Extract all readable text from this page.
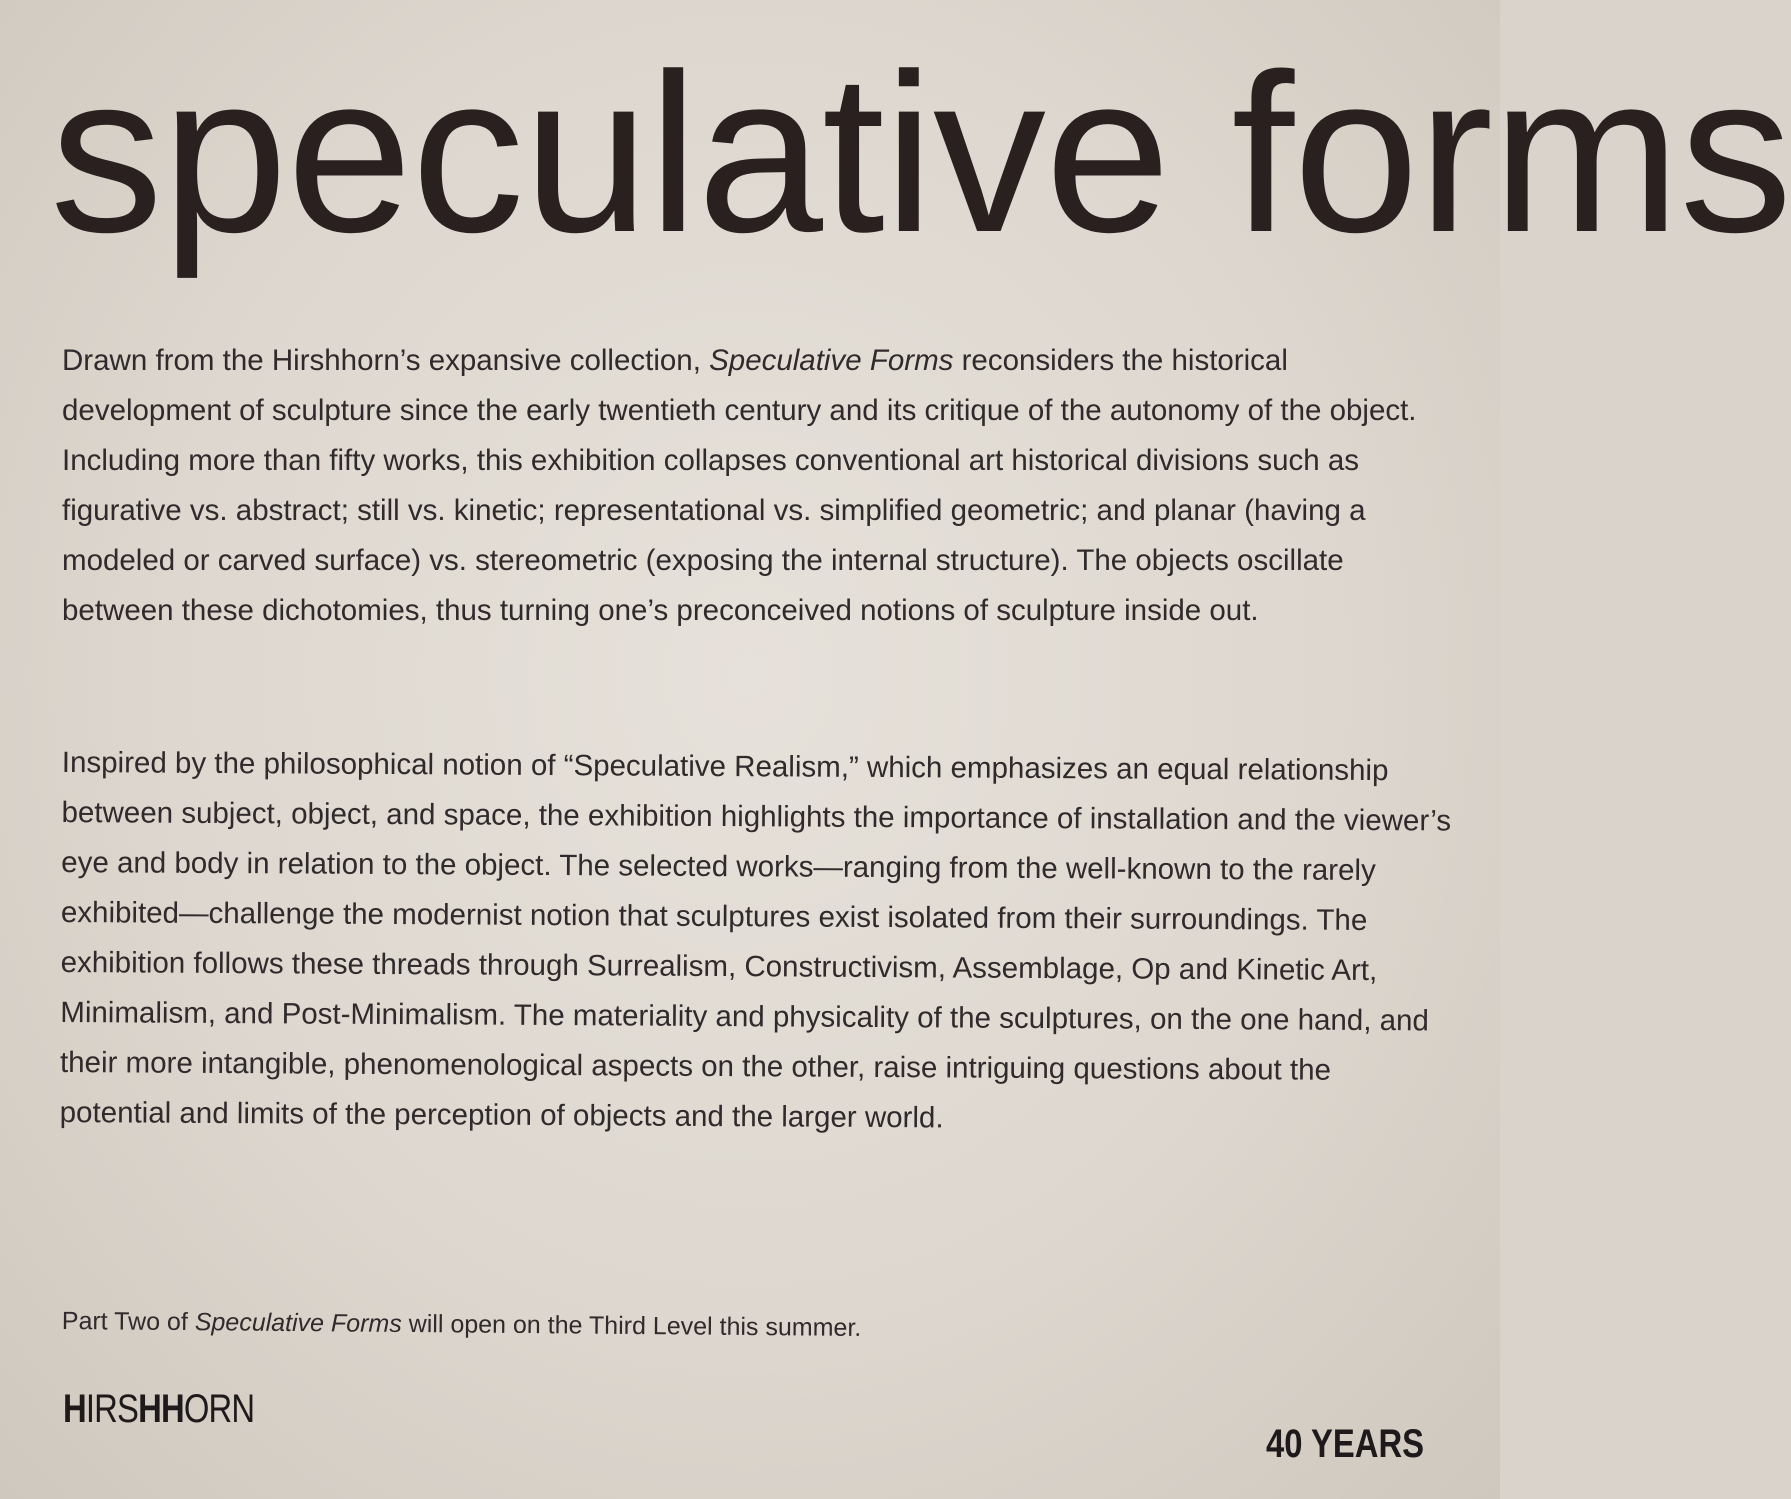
speculative forms

Drawn from the Hirshhorn’s expansive collection, Speculative Forms reconsiders the historical development of sculpture since the early twentieth century and its critique of the autonomy of the object. Including more than fifty works, this exhibition collapses conventional art historical divisions such as figurative vs. abstract; still vs. kinetic; representational vs. simplified geometric; and planar (having a modeled or carved surface) vs. stereometric (exposing the internal structure). The objects oscillate between these dichotomies, thus turning one’s preconceived notions of sculpture inside out.

Inspired by the philosophical notion of “Speculative Realism,” which emphasizes an equal relationship between subject, object, and space, the exhibition highlights the importance of installation and the viewer’s eye and body in relation to the object. The selected works—ranging from the well-known to the rarely exhibited—challenge the modernist notion that sculptures exist isolated from their surroundings. The exhibition follows these threads through Surrealism, Constructivism, Assemblage, Op and Kinetic Art, Minimalism, and Post-Minimalism. The materiality and physicality of the sculptures, on the one hand, and their more intangible, phenomenological aspects on the other, raise intriguing questions about the potential and limits of the perception of objects and the larger world.

Part Two of Speculative Forms will open on the Third Level this summer.

HIRSHHORN
40 YEARS
